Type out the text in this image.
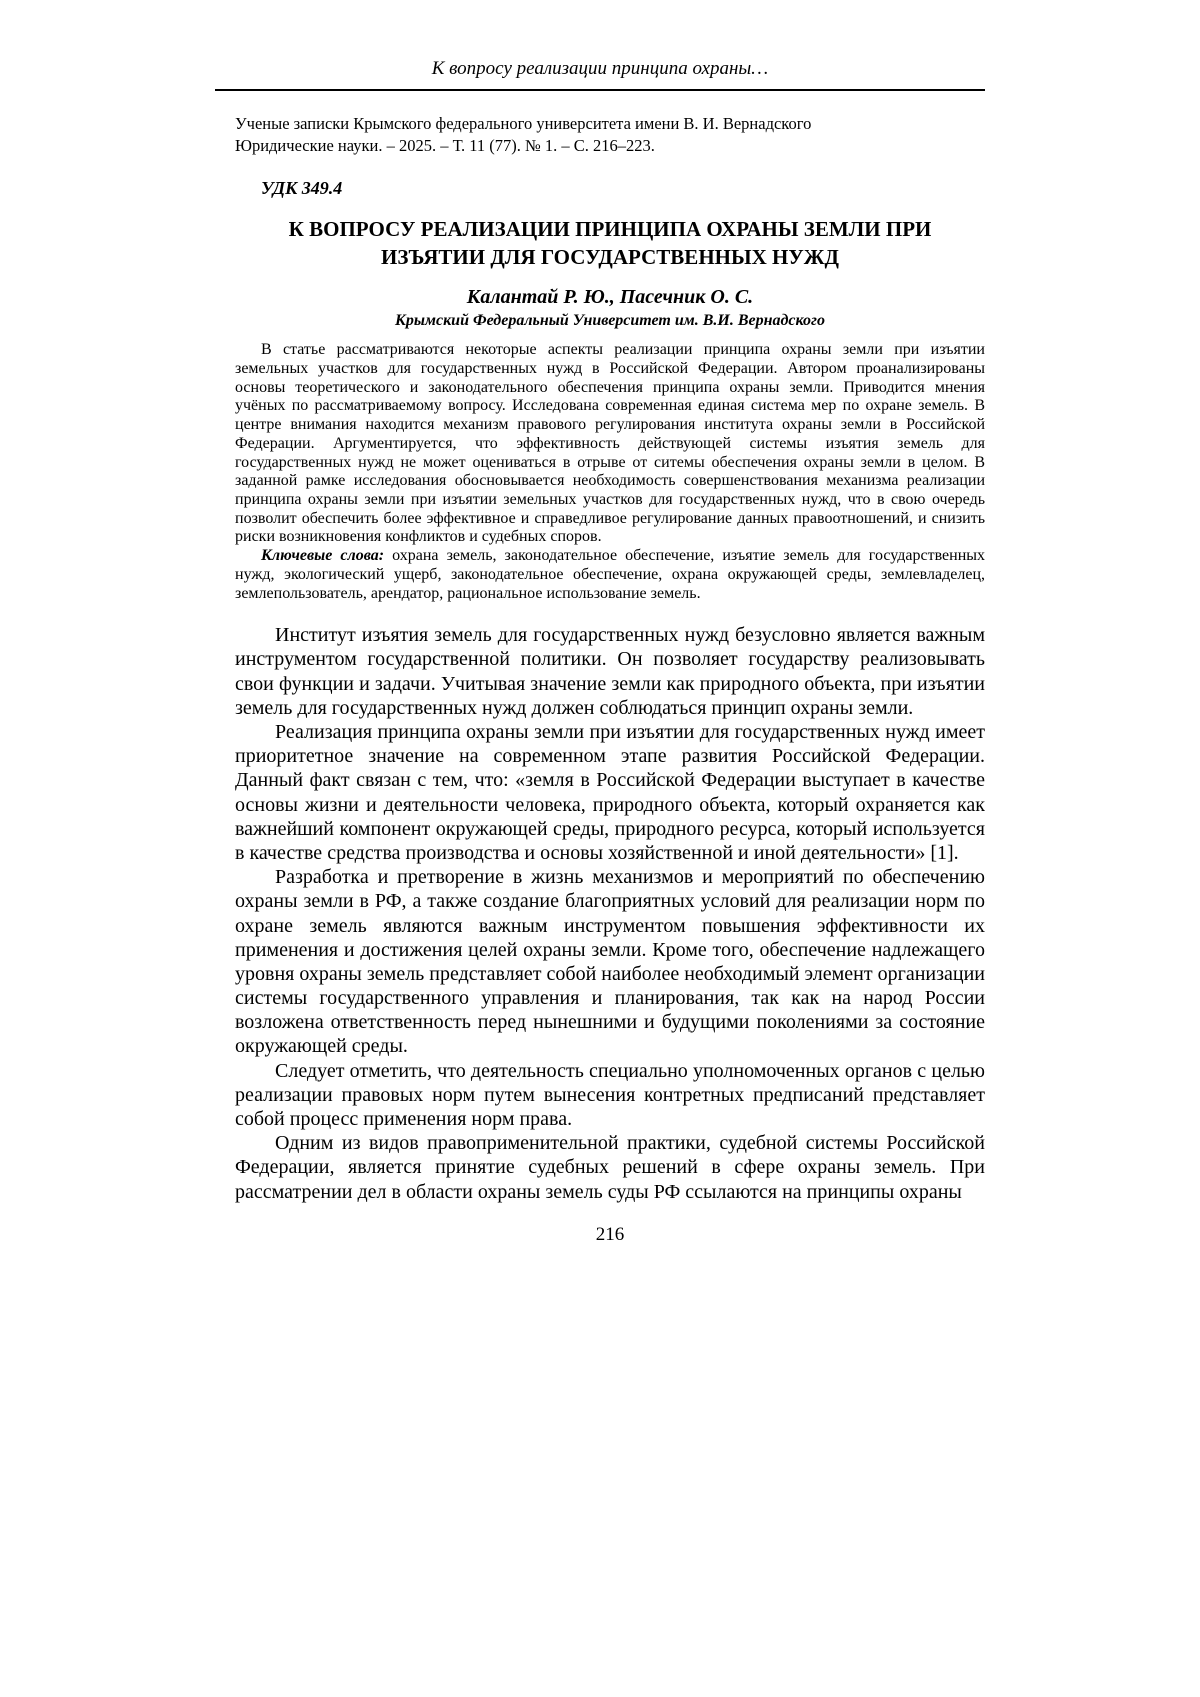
К вопросу реализации принципа охраны…
Ученые записки Крымского федерального университета имени В. И. Вернадского
Юридические науки. – 2025. – Т. 11 (77). № 1. – С. 216–223.
УДК 349.4
К ВОПРОСУ РЕАЛИЗАЦИИ ПРИНЦИПА ОХРАНЫ ЗЕМЛИ ПРИ ИЗЪЯТИИ ДЛЯ ГОСУДАРСТВЕННЫХ НУЖД
Калантай Р. Ю., Пасечник О. С.
Крымский Федеральный Университет им. В.И. Вернадского

В статье рассматриваются некоторые аспекты реализации принципа охраны земли при изъятии земельных участков для государственных нужд в Российской Федерации. Автором проанализированы основы теоретического и законодательного обеспечения принципа охраны земли. Приводится мнения учёных по рассматриваемому вопросу. Исследована современная единая система мер по охране земель. В центре внимания находится механизм правового регулирования института охраны земли в Российской Федерации. Аргументируется, что эффективность действующей системы изъятия земель для государственных нужд не может оцениваться в отрыве от ситемы обеспечения охраны земли в целом. В заданной рамке исследования обосновывается необходимость совершенствования механизма реализации принципа охраны земли при изъятии земельных участков для государственных нужд, что в свою очередь позволит обеспечить более эффективное и справедливое регулирование данных правоотношений, и снизить риски возникновения конфликтов и судебных споров.

Ключевые слова: охрана земель, законодательное обеспечение, изъятие земель для государственных нужд, экологический ущерб, законодательное обеспечение, охрана окружающей среды, землевладелец, землепользователь, арендатор, рациональное использование земель.

Институт изъятия земель для государственных нужд безусловно является важным инструментом государственной политики. Он позволяет государству реализовывать свои функции и задачи. Учитывая значение земли как природного объекта, при изъятии земель для государственных нужд должен соблюдаться принцип охраны земли.

Реализация принципа охраны земли при изъятии для государственных нужд имеет приоритетное значение на современном этапе развития Российской Федерации. Данный факт связан с тем, что: «земля в Российской Федерации выступает в качестве основы жизни и деятельности человека, природного объекта, который охраняется как важнейший компонент окружающей среды, природного ресурса, который используется в качестве средства производства и основы хозяйственной и иной деятельности» [1].

Разработка и претворение в жизнь механизмов и мероприятий по обеспечению охраны земли в РФ, а также создание благоприятных условий для реализации норм по охране земель являются важным инструментом повышения эффективности их применения и достижения целей охраны земли. Кроме того, обеспечение надлежащего уровня охраны земель представляет собой наиболее необходимый элемент организации системы государственного управления и планирования, так как на народ России возложена ответственность перед нынешними и будущими поколениями за состояние окружающей среды.

Следует отметить, что деятельность специально уполномоченных органов с целью реализации правовых норм путем вынесения контретных предписаний представляет собой процесс применения норм права.

Одним из видов правоприменительной практики, судебной системы Российской Федерации, является принятие судебных решений в сфере охраны земель. При рассматрении дел в области охраны земель суды РФ ссылаются на принципы охраны

216
